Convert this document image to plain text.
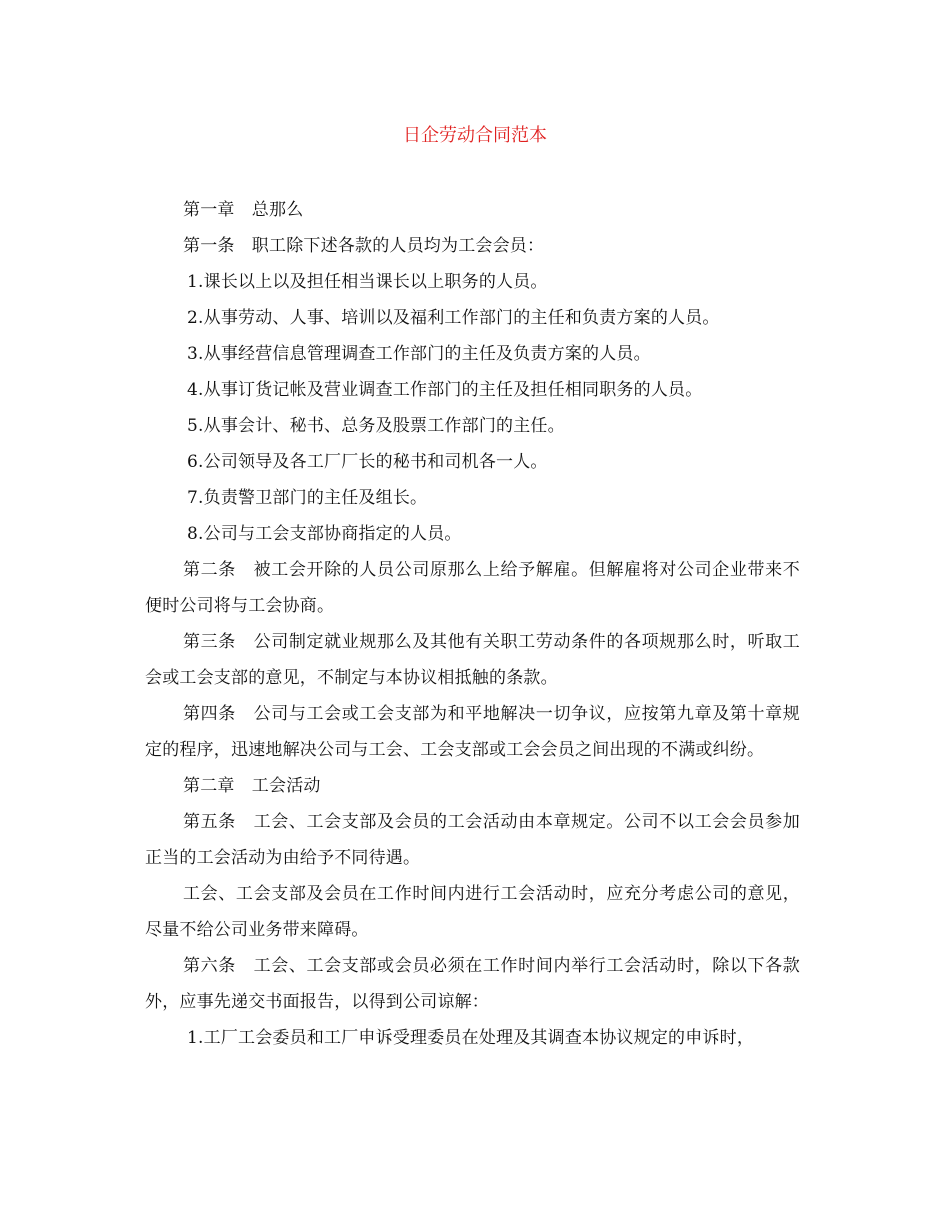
日企劳动合同范本

第一章　总那么

第一条　职工除下述各款的人员均为工会会员：

1.课长以上以及担任相当课长以上职务的人员。

2.从事劳动、人事、培训以及福利工作部门的主任和负责方案的人员。

3.从事经营信息管理调查工作部门的主任及负责方案的人员。

4.从事订货记帐及营业调查工作部门的主任及担任相同职务的人员。

5.从事会计、秘书、总务及股票工作部门的主任。

6.公司领导及各工厂厂长的秘书和司机各一人。

7.负责警卫部门的主任及组长。

8.公司与工会支部协商指定的人员。

第二条　被工会开除的人员公司原那么上给予解雇。但解雇将对公司企业带来不便时公司将与工会协商。

第三条　公司制定就业规那么及其他有关职工劳动条件的各项规那么时，听取工会或工会支部的意见，不制定与本协议相抵触的条款。

第四条　公司与工会或工会支部为和平地解决一切争议，应按第九章及第十章规定的程序，迅速地解决公司与工会、工会支部或工会会员之间出现的不满或纠纷。

第二章　工会活动

第五条　工会、工会支部及会员的工会活动由本章规定。公司不以工会会员参加正当的工会活动为由给予不同待遇。

工会、工会支部及会员在工作时间内进行工会活动时，应充分考虑公司的意见，尽量不给公司业务带来障碍。

第六条　工会、工会支部或会员必须在工作时间内举行工会活动时，除以下各款外，应事先递交书面报告，以得到公司谅解：

1.工厂工会委员和工厂申诉受理委员在处理及其调查本协议规定的申诉时，
